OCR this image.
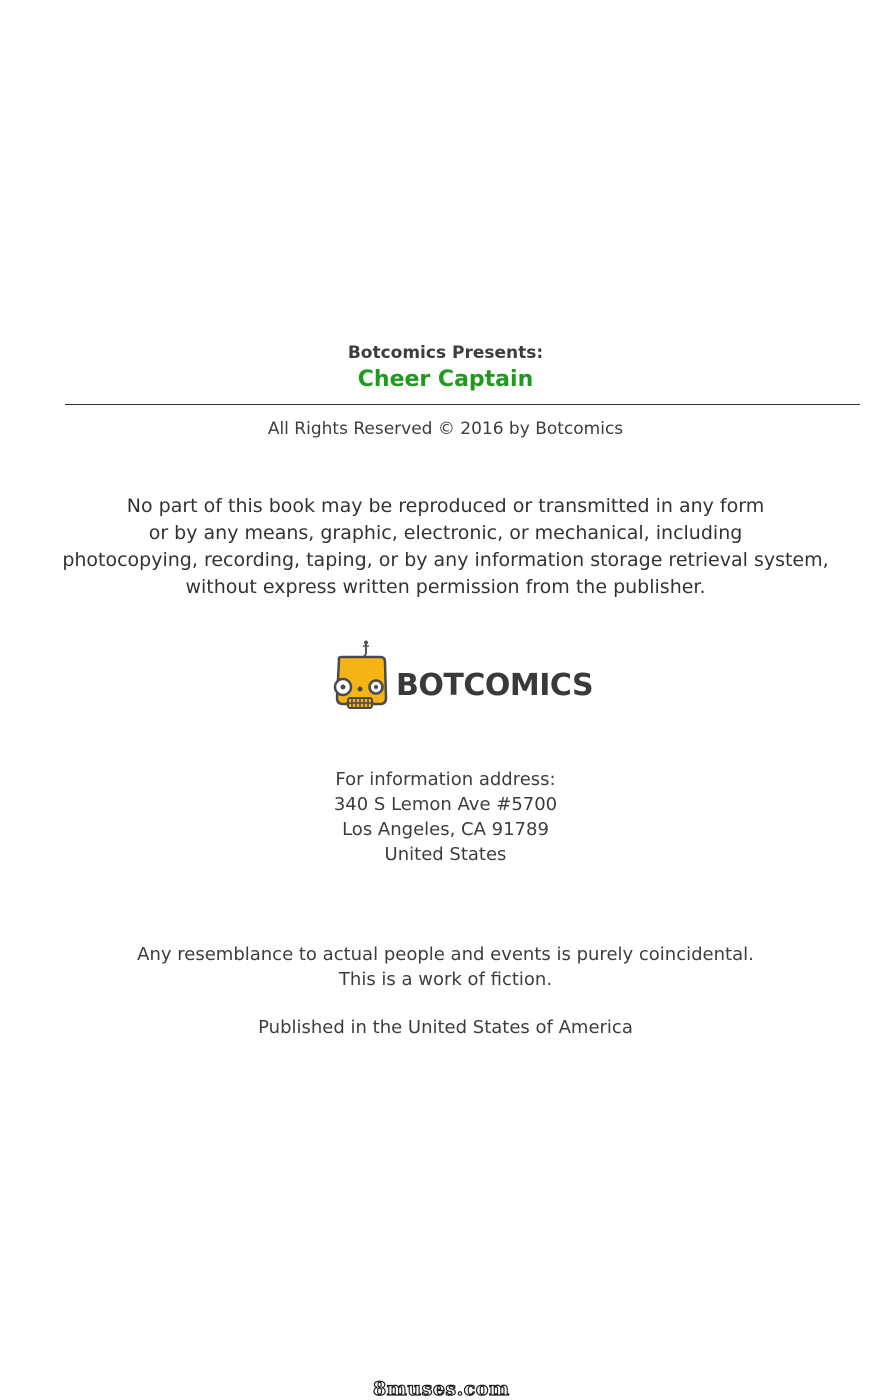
Botcomics Presents:
Cheer Captain
All Rights Reserved © 2016 by Botcomics
No part of this book may be reproduced or transmitted in any form
or by any means, graphic, electronic, or mechanical, including
photocopying, recording, taping, or by any information storage retrieval system,
without express written permission from the publisher.
BOTCOMICS
For information address:
340 S Lemon Ave #5700
Los Angeles, CA 91789
United States
Any resemblance to actual people and events is purely coincidental.
This is a work of fiction.
Published in the United States of America
8muses.com
